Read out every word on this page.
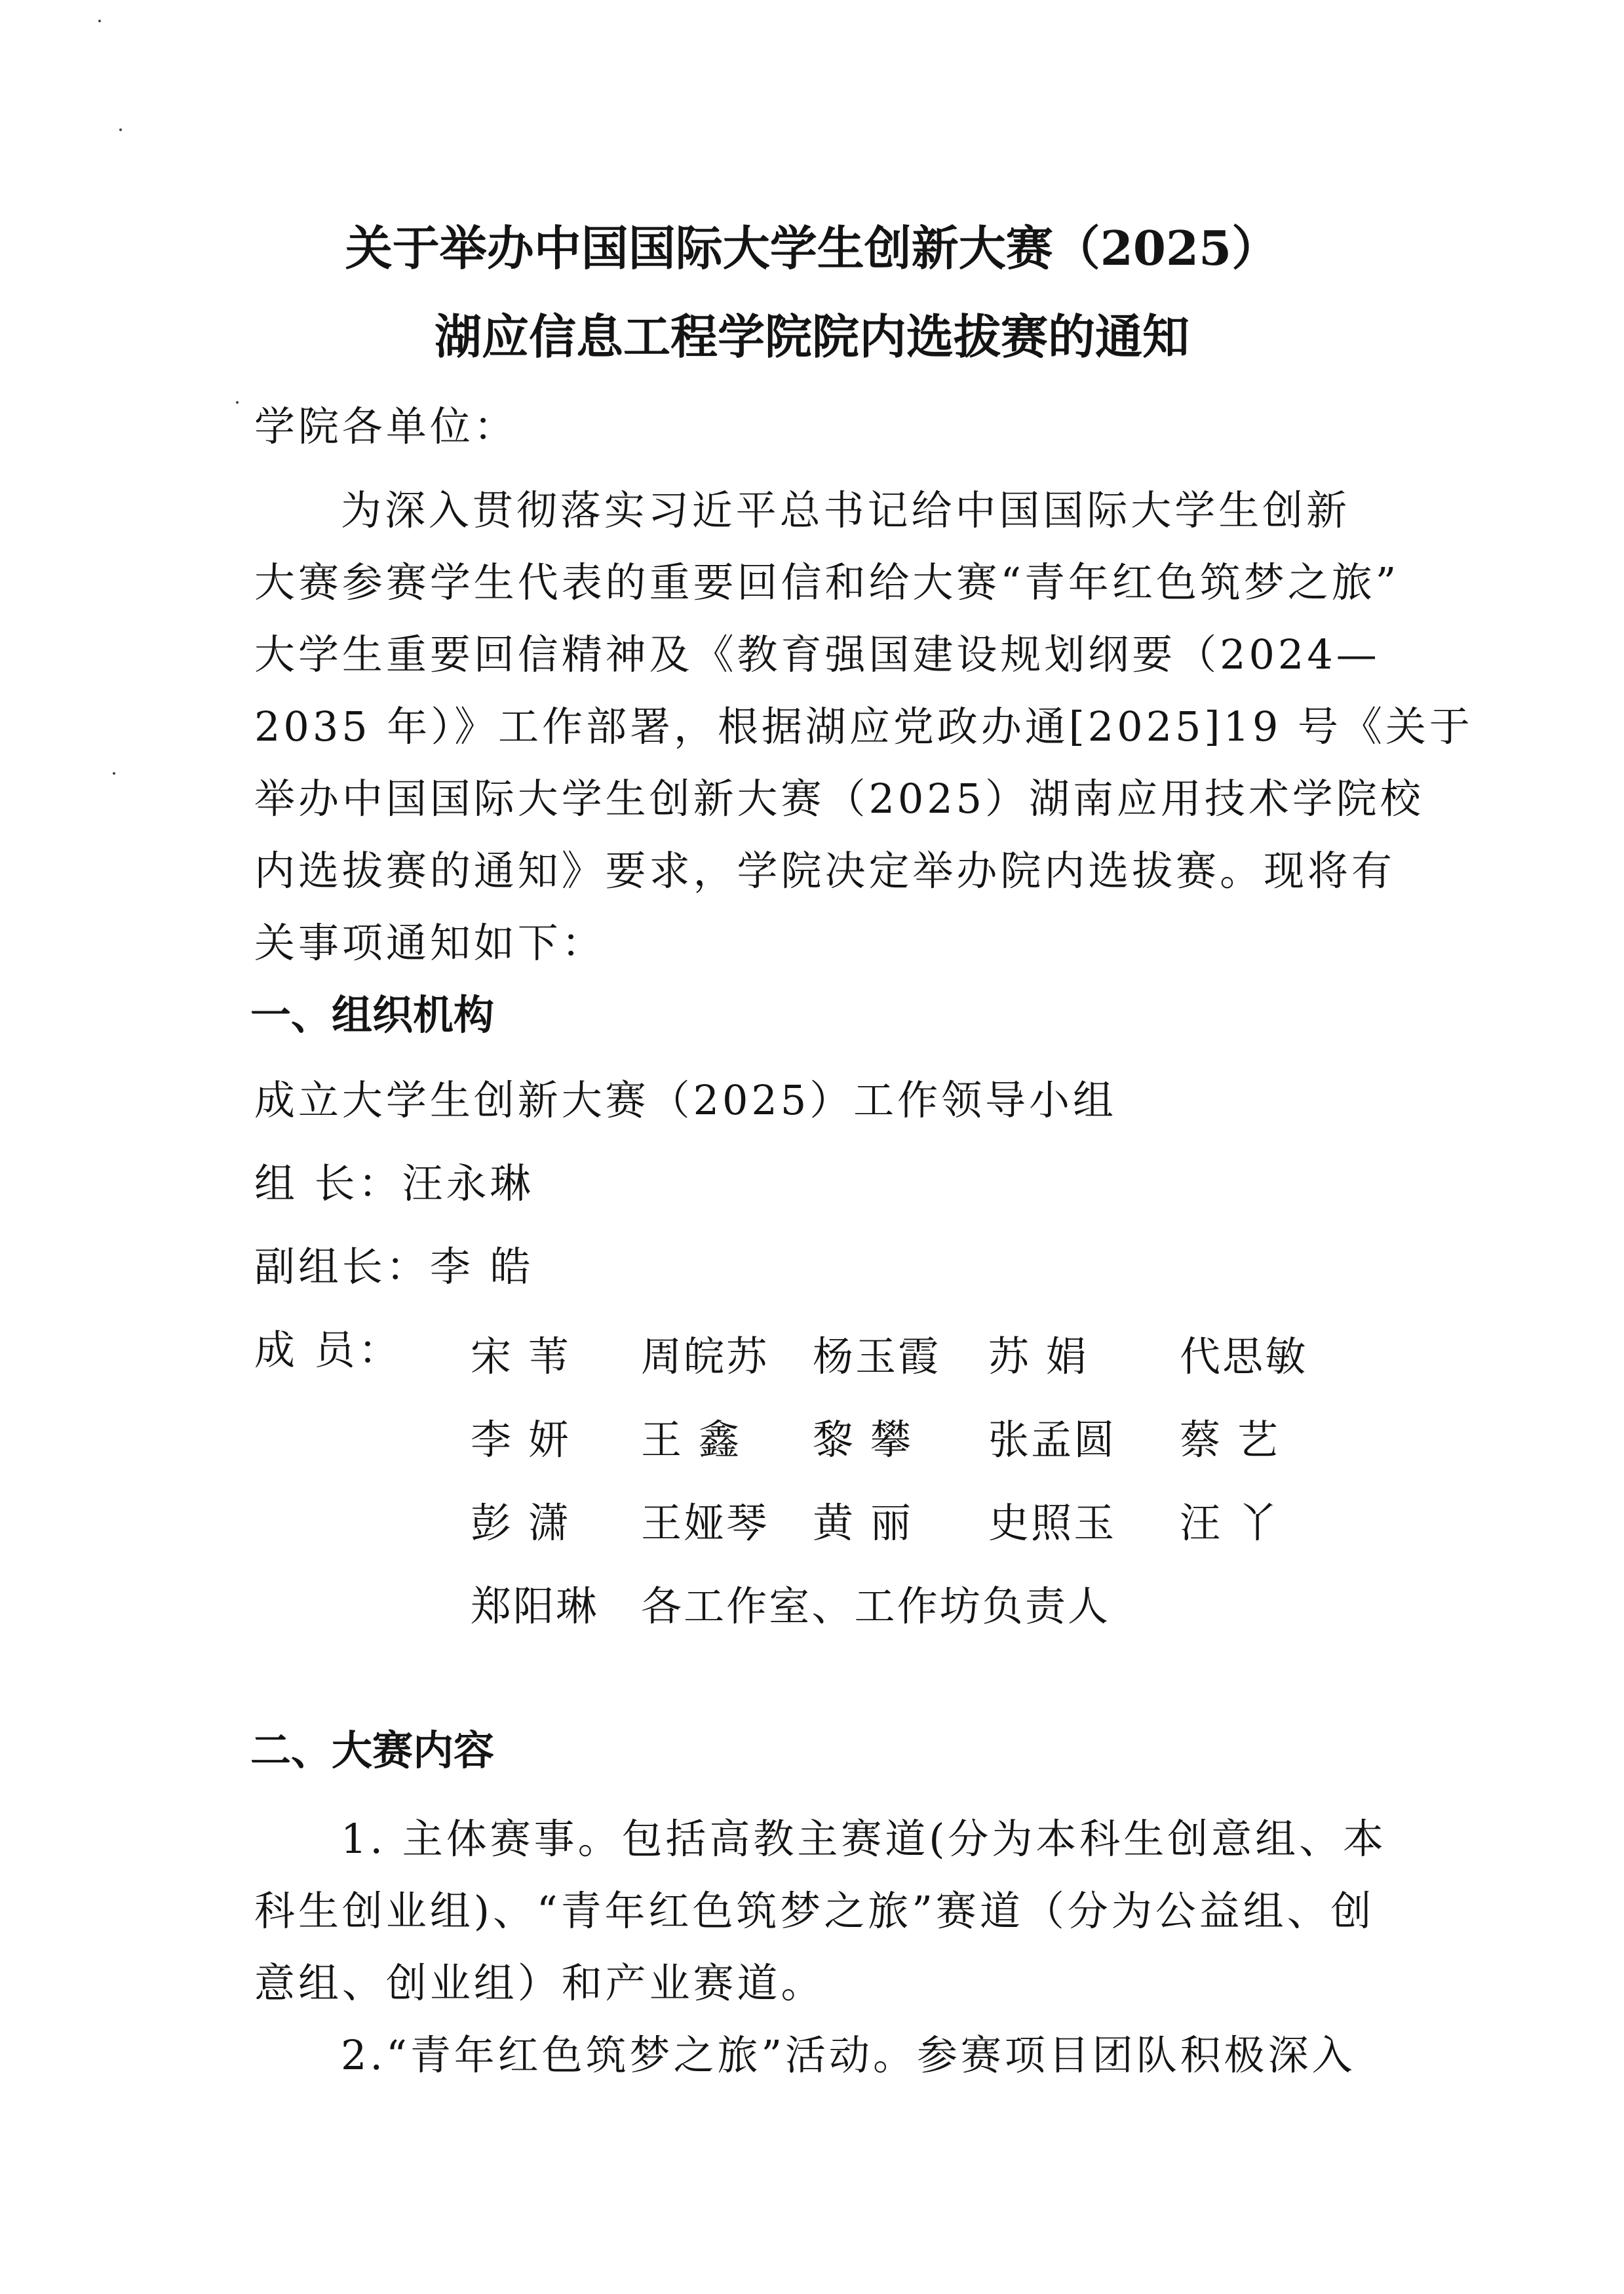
关于举办中国国际大学生创新大赛（2025）
湖应信息工程学院院内选拔赛的通知
学院各单位：
为深入贯彻落实习近平总书记给中国国际大学生创新
大赛参赛学生代表的重要回信和给大赛“青年红色筑梦之旅”
大学生重要回信精神及《教育强国建设规划纲要（2024—
2035 年）》工作部署，根据湖应党政办通[2025]19 号《关于
举办中国国际大学生创新大赛（2025）湖南应用技术学院校
内选拔赛的通知》要求，学院决定举办院内选拔赛。现将有
关事项通知如下：
一、组织机构
成立大学生创新大赛（2025）工作领导小组
组 长：汪永琳
副组长：李 皓
成 员： 宋 苇 周皖苏 杨玉霞 苏 娟 代思敏
李 妍 王 鑫 黎 攀 张孟圆 蔡 艺
彭 潇 王娅琴 黄 丽 史照玉 汪 丫
郑阳琳 各工作室、工作坊负责人
二、大赛内容
1. 主体赛事。包括高教主赛道(分为本科生创意组、本
科生创业组)、“青年红色筑梦之旅”赛道（分为公益组、创
意组、创业组）和产业赛道。
2.“青年红色筑梦之旅”活动。参赛项目团队积极深入
